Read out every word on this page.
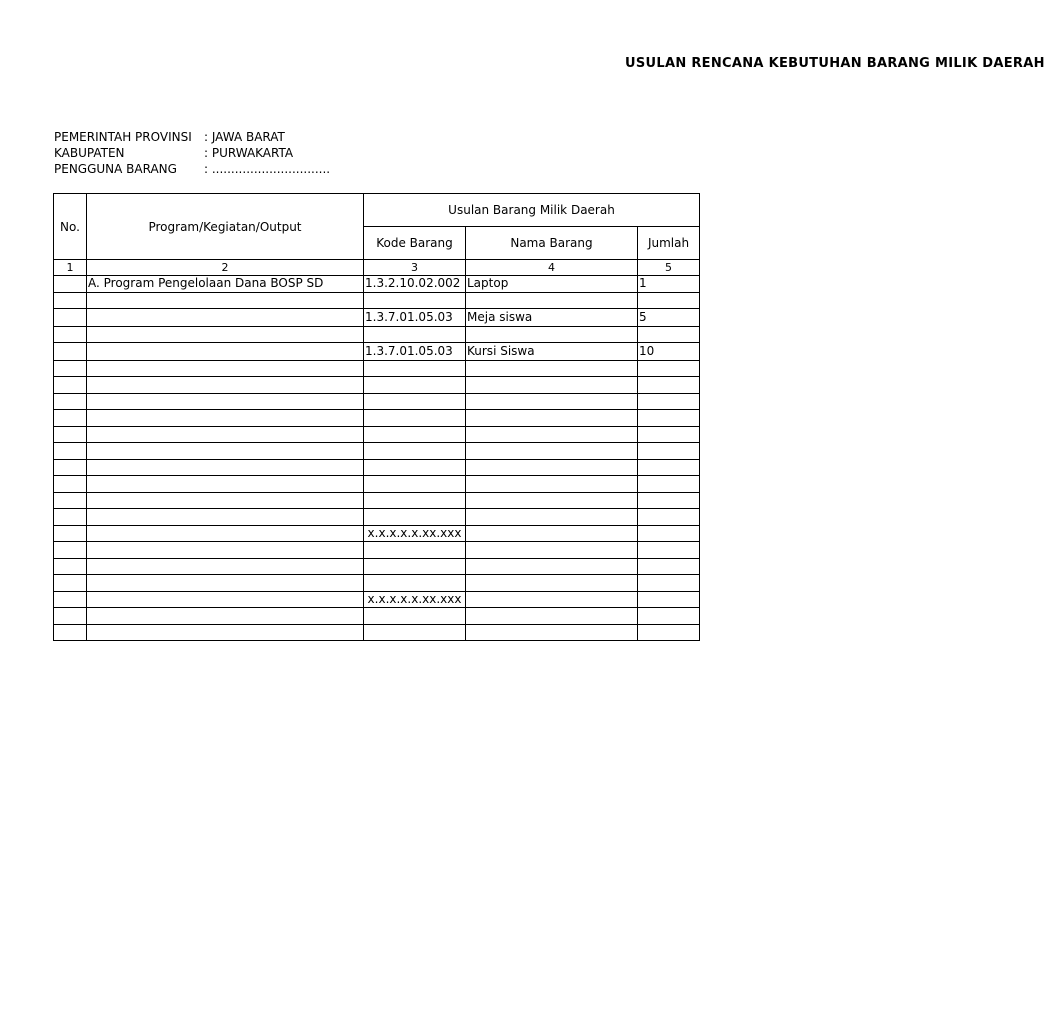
USULAN RENCANA KEBUTUHAN BARANG MILIK DAERAH
PEMERINTAH PROVINSI : JAWA BARAT
KABUPATEN	: PURWAKARTA
PENGGUNA BARANG : ...............................
No.	Program/Kegiatan/Output	Usulan Barang Milik Daerah		
		Kode Barang	Nama Barang	Jumlah
1	2	3	4	5
	A. Program Pengelolaan Dana BOSP SD	1.3.2.10.02.002	Laptop	1

		1.3.7.01.05.03	Meja siswa	5

		1.3.7.01.05.03	Kursi Siswa	10

		x.x.x.x.x.xx.xxx		

		x.x.x.x.x.xx.xxx		
